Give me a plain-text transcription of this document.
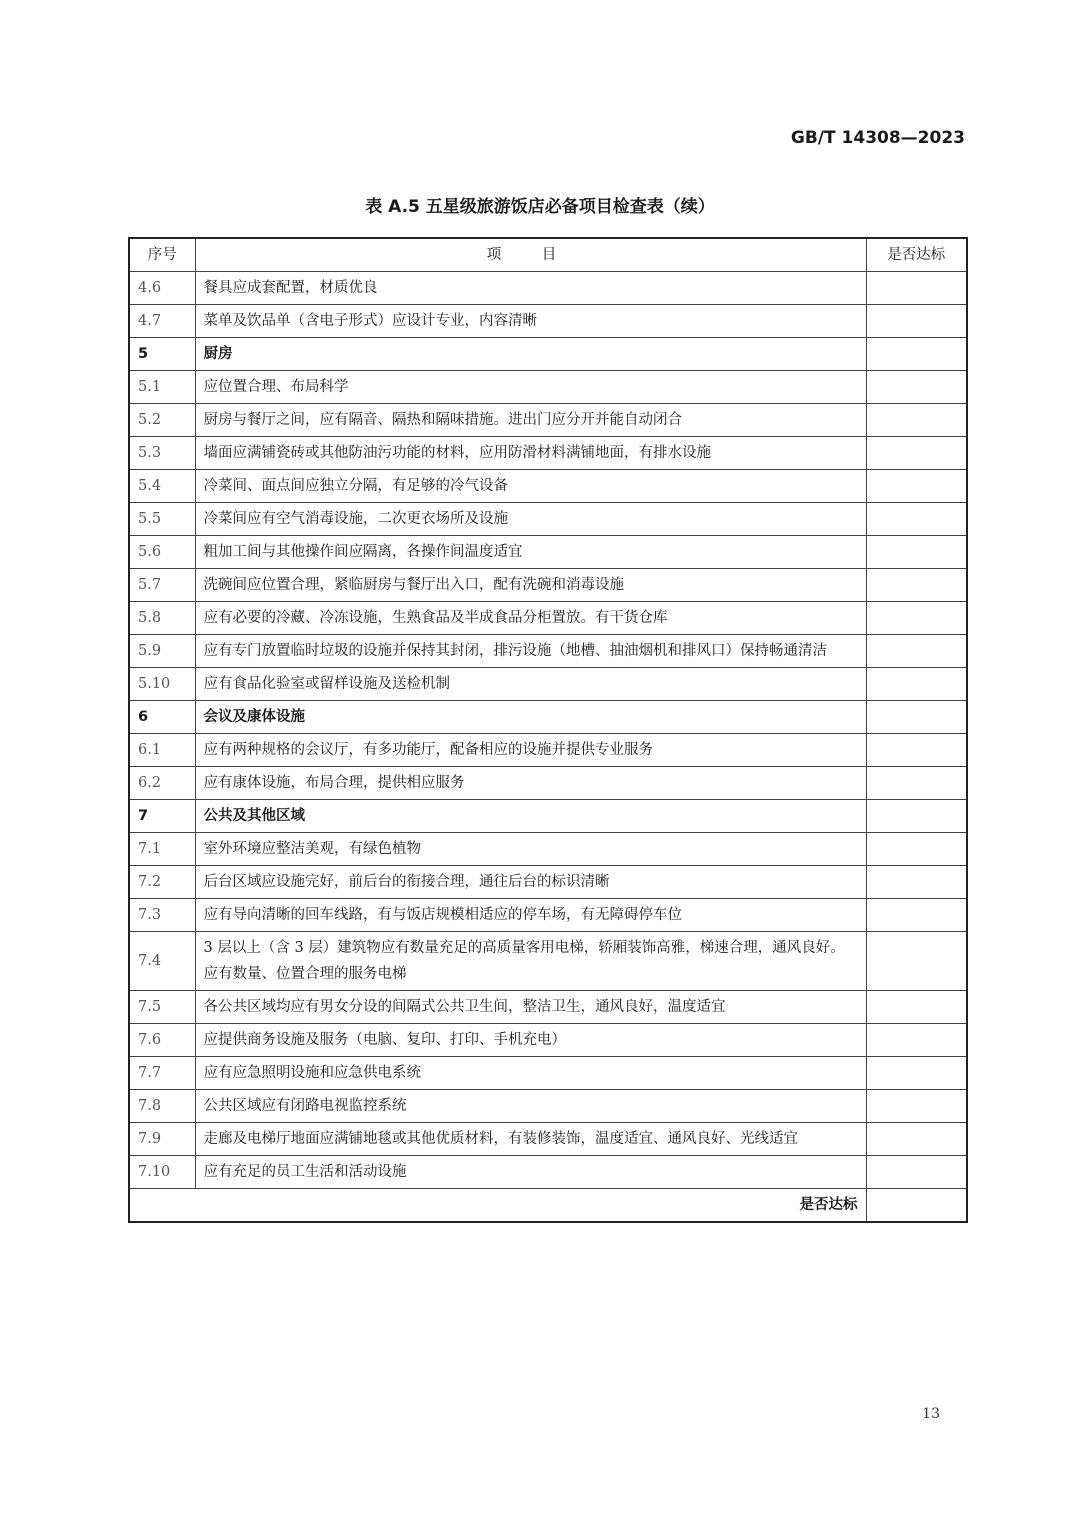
GB/T 14308—2023
表 A.5 五星级旅游饭店必备项目检查表（续）
序号	项 目	是否达标
4.6	餐具应成套配置，材质优良	
4.7	菜单及饮品单（含电子形式）应设计专业，内容清晰	
5	厨房	
5.1	应位置合理、布局科学	
5.2	厨房与餐厅之间，应有隔音、隔热和隔味措施。进出门应分开并能自动闭合	
5.3	墙面应满铺瓷砖或其他防油污功能的材料，应用防滑材料满铺地面，有排水设施	
5.4	冷菜间、面点间应独立分隔，有足够的冷气设备	
5.5	冷菜间应有空气消毒设施，二次更衣场所及设施	
5.6	粗加工间与其他操作间应隔离，各操作间温度适宜	
5.7	洗碗间应位置合理，紧临厨房与餐厅出入口，配有洗碗和消毒设施	
5.8	应有必要的冷藏、冷冻设施，生熟食品及半成食品分柜置放。有干货仓库	
5.9	应有专门放置临时垃圾的设施并保持其封闭，排污设施（地槽、抽油烟机和排风口）保持畅通清洁	
5.10	应有食品化验室或留样设施及送检机制	
6	会议及康体设施	
6.1	应有两种规格的会议厅，有多功能厅，配备相应的设施并提供专业服务	
6.2	应有康体设施，布局合理，提供相应服务	
7	公共及其他区域	
7.1	室外环境应整洁美观，有绿色植物	
7.2	后台区域应设施完好，前后台的衔接合理，通往后台的标识清晰	
7.3	应有导向清晰的回车线路，有与饭店规模相适应的停车场，有无障碍停车位	
7.4	3 层以上（含 3 层）建筑物应有数量充足的高质量客用电梯，轿厢装饰高雅，梯速合理，通风良好。应有数量、位置合理的服务电梯	
7.5	各公共区域均应有男女分设的间隔式公共卫生间，整洁卫生，通风良好，温度适宜	
7.6	应提供商务设施及服务（电脑、复印、打印、手机充电）	
7.7	应有应急照明设施和应急供电系统	
7.8	公共区域应有闭路电视监控系统	
7.9	走廊及电梯厅地面应满铺地毯或其他优质材料，有装修装饰，温度适宜、通风良好、光线适宜	
7.10	应有充足的员工生活和活动设施	
是否达标		
13
